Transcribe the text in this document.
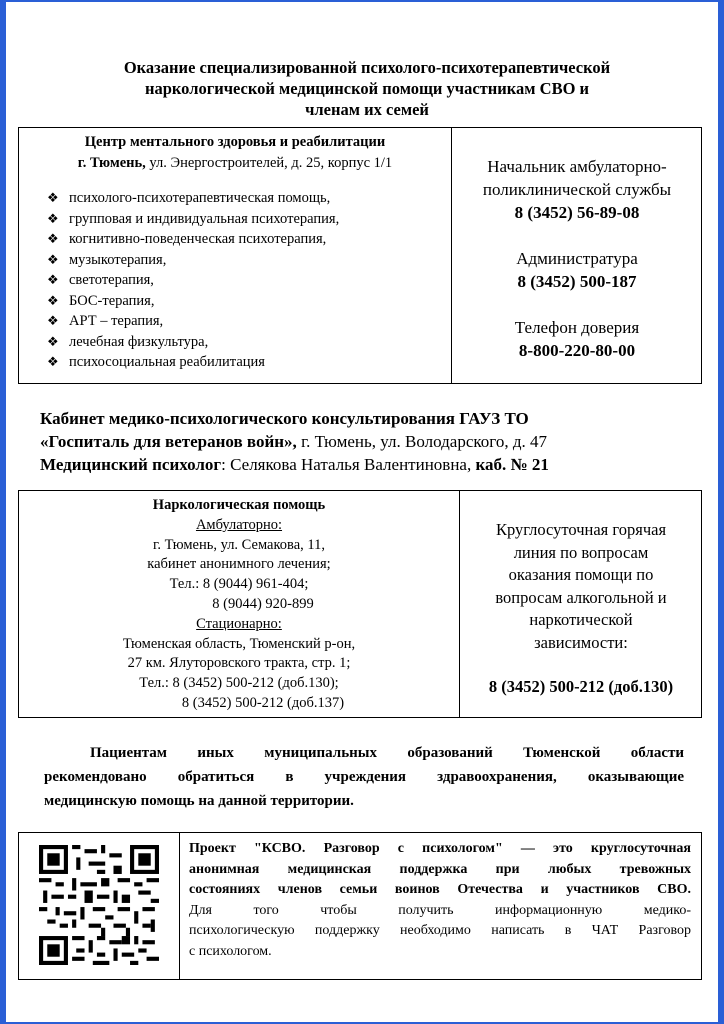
Оказание специализированной психолого-психотерапевтической
наркологической медицинской помощи участникам СВО и
членам их семей
Центр ментального здоровья и реабилитации
г. Тюмень, ул. Энергостроителей, д. 25, корпус 1/1
❖ психолого-психотерапевтическая помощь,
❖ групповая и индивидуальная психотерапия,
❖ когнитивно-поведенческая психотерапия,
❖ музыкотерапия,
❖ светотерапия,
❖ БОС-терапия,
❖ АРТ – терапия,
❖ лечебная физкультура,
❖ психосоциальная реабилитация
Начальник амбулаторно-
поликлинической службы
8 (3452) 56-89-08
Администратура
8 (3452) 500-187
Телефон доверия
8-800-220-80-00
Кабинет медико-психологического консультирования ГАУЗ ТО
«Госпиталь для ветеранов войн», г. Тюмень, ул. Володарского, д. 47
Медицинский психолог: Селякова Наталья Валентиновна, каб. № 21
Наркологическая помощь
Амбулаторно:
г. Тюмень, ул. Семакова, 11,
кабинет анонимного лечения;
Тел.: 8 (9044) 961-404;
8 (9044) 920-899
Стационарно:
Тюменская область, Тюменский р-он,
27 км. Ялуторовского тракта, стр. 1;
Тел.: 8 (3452) 500-212 (доб.130);
8 (3452) 500-212 (доб.137)
Круглосуточная горячая
линия по вопросам
оказания помощи по
вопросам алкогольной и
наркотической
зависимости:
8 (3452) 500-212 (доб.130)
Пациентам иных муниципальных образований Тюменской области
рекомендовано обратиться в учреждения здравоохранения, оказывающие
медицинскую помощь на данной территории.
Проект "КСВО. Разговор с психологом" — это круглосуточная
анонимная медицинская поддержка при любых тревожных
состояниях членов семьи воинов Отечества и участников СВО.
Для того чтобы получить информационную медико-
психологическую поддержку необходимо написать в ЧАТ Разговор
с психологом.
